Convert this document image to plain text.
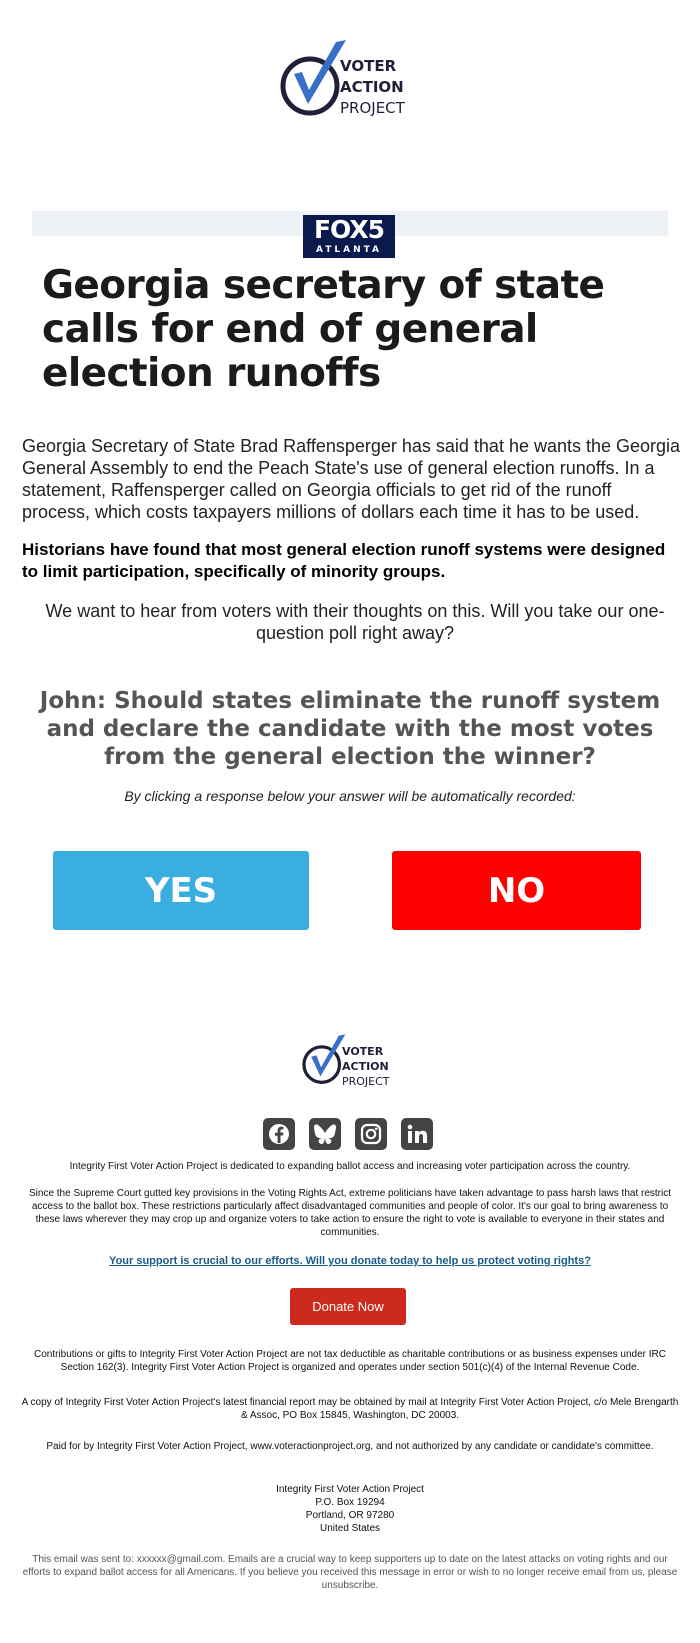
VOTER
ACTION
PROJECT
FOX5
ATLANTA
Georgia secretary of state calls for end of general election runoffs
Georgia Secretary of State Brad Raffensperger has said that he wants the Georgia General Assembly to end the Peach State's use of general election runoffs. In a statement, Raffensperger called on Georgia officials to get rid of the runoff process, which costs taxpayers millions of dollars each time it has to be used.
Historians have found that most general election runoff systems were designed to limit participation, specifically of minority groups.
We want to hear from voters with their thoughts on this. Will you take our one-question poll right away?
John: Should states eliminate the runoff system and declare the candidate with the most votes from the general election the winner?
By clicking a response below your answer will be automatically recorded:
YES	NO
VOTER
ACTION
PROJECT
Integrity First Voter Action Project is dedicated to expanding ballot access and increasing voter participation across the country.
Since the Supreme Court gutted key provisions in the Voting Rights Act, extreme politicians have taken advantage to pass harsh laws that restrict access to the ballot box. These restrictions particularly affect disadvantaged communities and people of color. It's our goal to bring awareness to these laws wherever they may crop up and organize voters to take action to ensure the right to vote is available to everyone in their states and communities.
Your support is crucial to our efforts. Will you donate today to help us protect voting rights?
Donate Now
Contributions or gifts to Integrity First Voter Action Project are not tax deductible as charitable contributions or as business expenses under IRC Section 162(3). Integrity First Voter Action Project is organized and operates under section 501(c)(4) of the Internal Revenue Code.
A copy of Integrity First Voter Action Project's latest financial report may be obtained by mail at Integrity First Voter Action Project, c/o Mele Brengarth & Assoc, PO Box 15845, Washington, DC 20003.
Paid for by Integrity First Voter Action Project, www.voteractionproject.org, and not authorized by any candidate or candidate's committee.
Integrity First Voter Action Project
P.O. Box 19294
Portland, OR 97280
United States
This email was sent to: xxxxxx@gmail.com. Emails are a crucial way to keep supporters up to date on the latest attacks on voting rights and our efforts to expand ballot access for all Americans. If you believe you received this message in error or wish to no longer receive email from us, please unsubscribe.
